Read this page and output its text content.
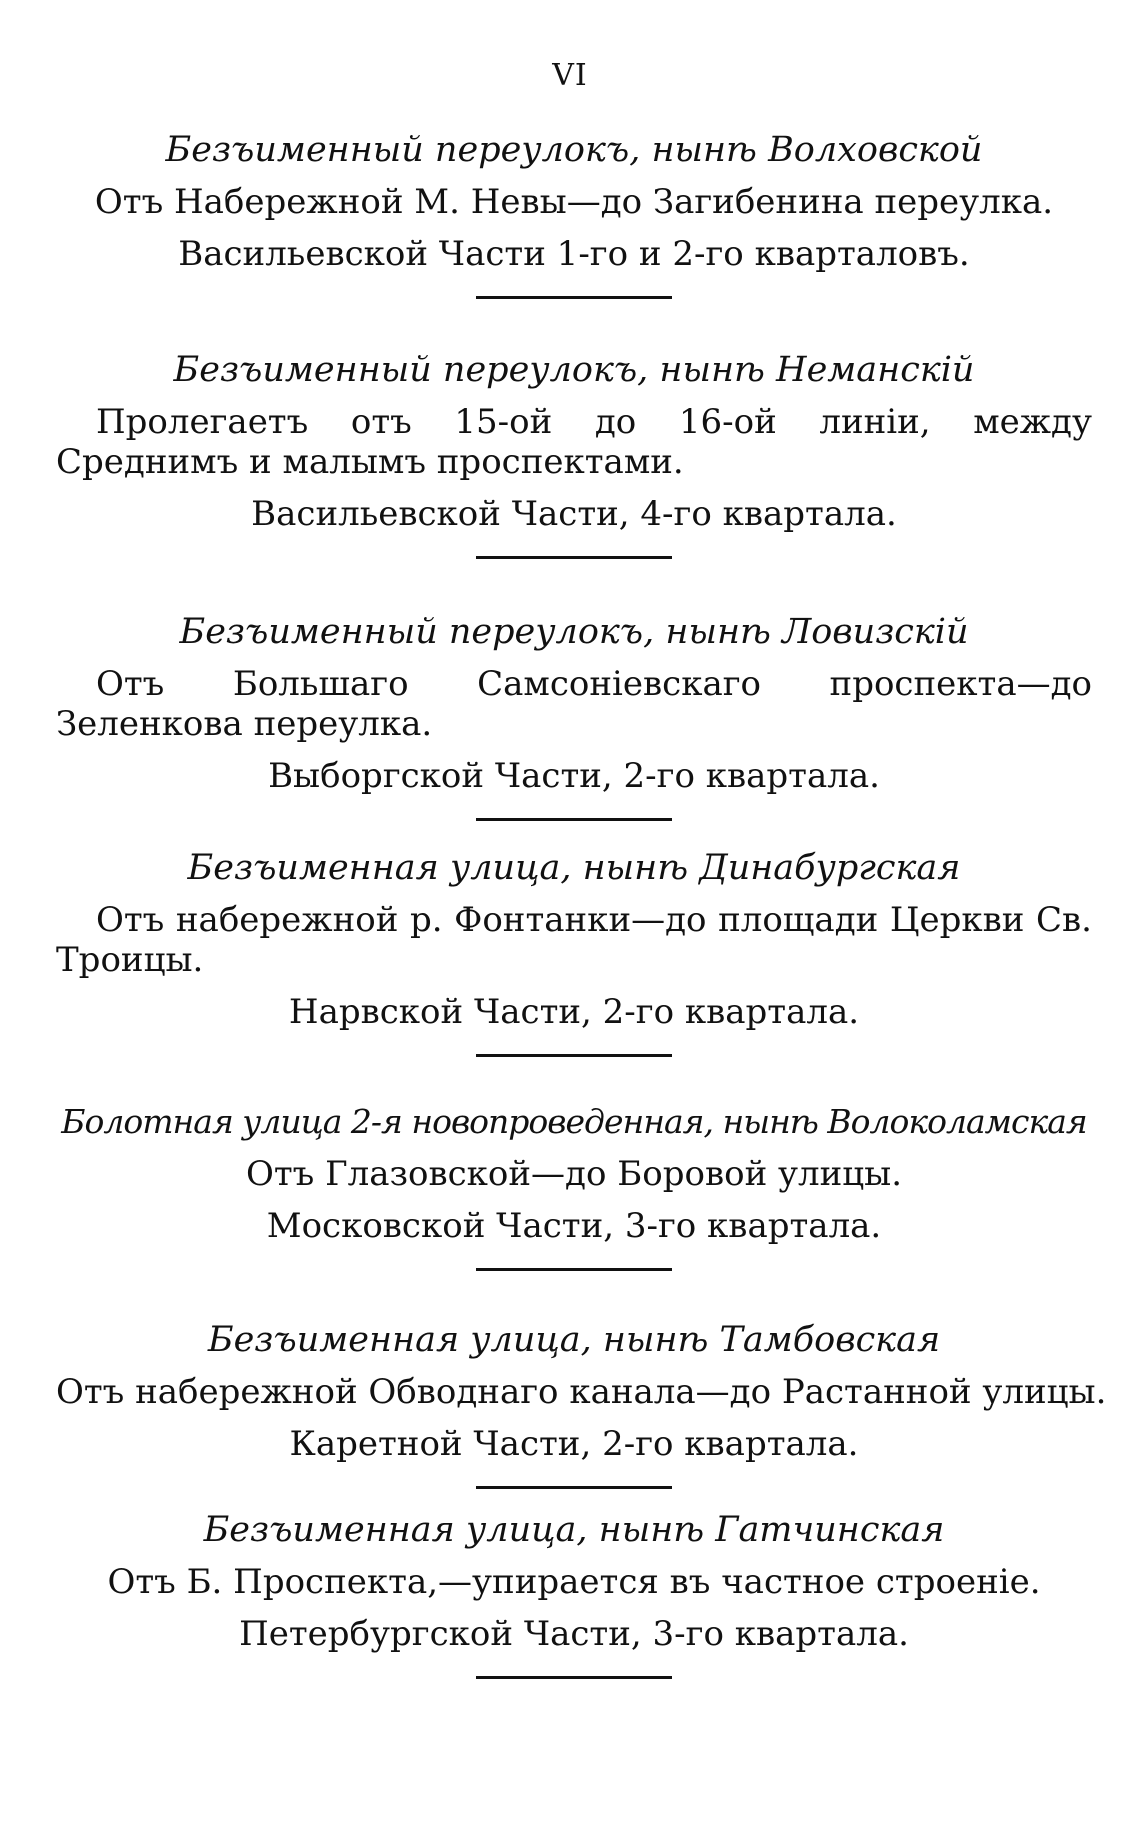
VI
Безъименный переулокъ, нынѣ Волховской
Отъ Набережной М. Невы—до Загибенина переулка.
Васильевской Части 1-го и 2-го кварталовъ.
Безъименный переулокъ, нынѣ Неманскiй
Пролегаетъ отъ 15-ой до 16-ой линiи, между Среднимъ и малымъ проспектами.
Васильевской Части, 4-го квартала.
Безъименный переулокъ, нынѣ Ловизскiй
Отъ Большаго Самсонiевскаго проспекта—до Зеленкова переулка.
Выборгской Части, 2-го квартала.
Безъименная улица, нынѣ Динабургская
Отъ набережной р. Фонтанки—до площади Церкви Св. Троицы.
Нарвской Части, 2-го квартала.
Болотная улица 2-я новопроведенная, нынѣ Волоколамская
Отъ Глазовской—до Боровой улицы.
Московской Части, 3-го квартала.
Безъименная улица, нынѣ Тамбовская
Отъ набережной Обводнаго канала—до Растанной улицы.
Каретной Части, 2-го квартала.
Безъименная улица, нынѣ Гатчинская
Отъ Б. Проспекта,—упирается въ частное строенiе.
Петербургской Части, 3-го квартала.
